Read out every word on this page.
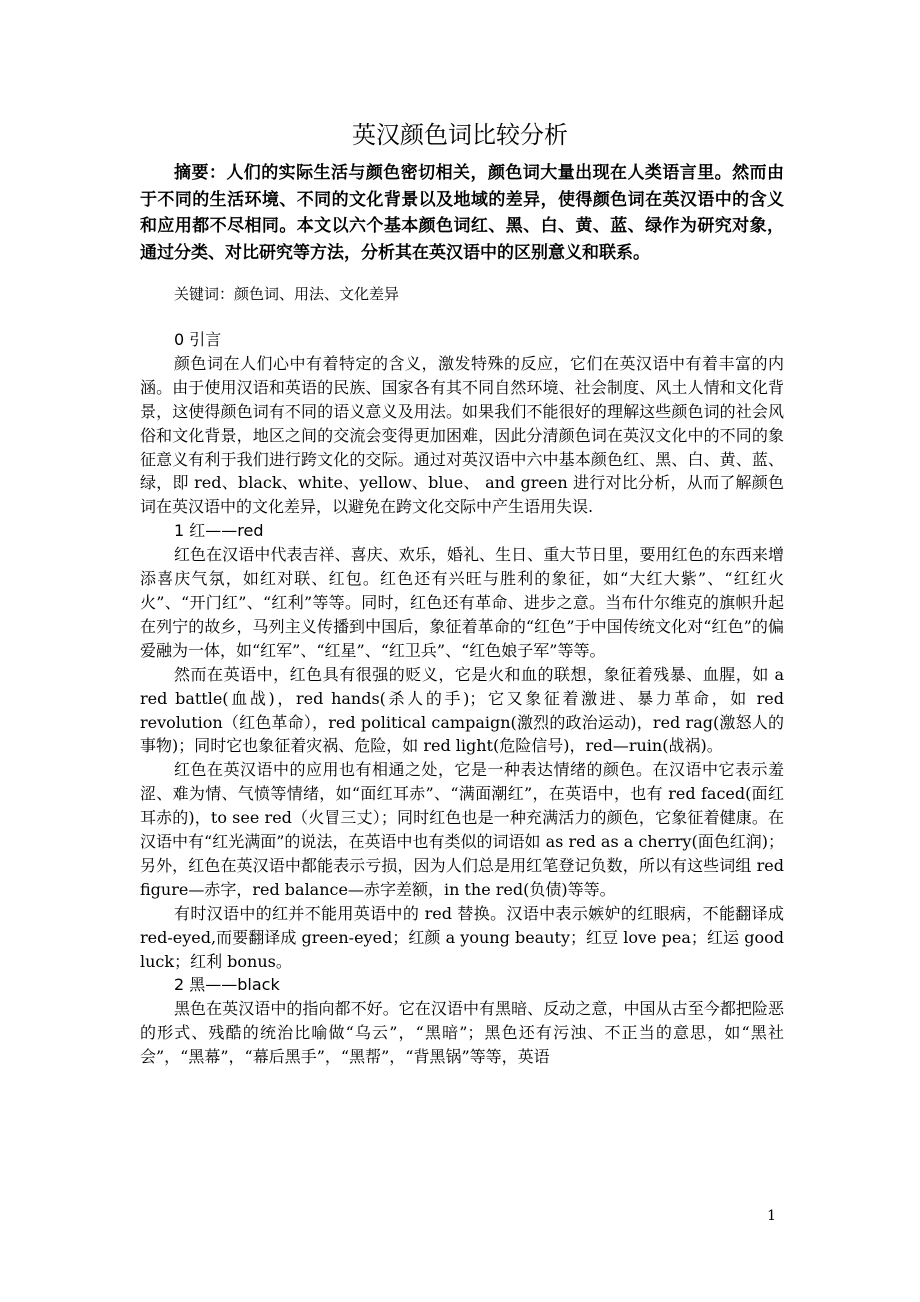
英汉颜色词比较分析

摘要：人们的实际生活与颜色密切相关，颜色词大量出现在人类语言里。然而由于不同的生活环境、不同的文化背景以及地域的差异，使得颜色词在英汉语中的含义和应用都不尽相同。本文以六个基本颜色词红、黑、白、黄、蓝、绿作为研究对象，通过分类、对比研究等方法，分析其在英汉语中的区别意义和联系。

关键词：颜色词、用法、文化差异

0 引言

颜色词在人们心中有着特定的含义，激发特殊的反应，它们在英汉语中有着丰富的内涵。由于使用汉语和英语的民族、国家各有其不同自然环境、社会制度、风土人情和文化背景，这使得颜色词有不同的语义意义及用法。如果我们不能很好的理解这些颜色词的社会风俗和文化背景，地区之间的交流会变得更加困难，因此分清颜色词在英汉文化中的不同的象征意义有利于我们进行跨文化的交际。通过对英汉语中六中基本颜色红、黑、白、黄、蓝、绿，即 red、black、white、yellow、blue、 and green 进行对比分析，从而了解颜色词在英汉语中的文化差异，以避免在跨文化交际中产生语用失误.

1 红——red

红色在汉语中代表吉祥、喜庆、欢乐，婚礼、生日、重大节日里，要用红色的东西来增添喜庆气氛，如红对联、红包。红色还有兴旺与胜利的象征，如“大红大紫”、“红红火火”、“开门红”、“红利”等等。同时，红色还有革命、进步之意。当布什尔维克的旗帜升起在列宁的故乡，马列主义传播到中国后，象征着革命的“红色”于中国传统文化对“红色”的偏爱融为一体，如“红军”、“红星”、“红卫兵”、“红色娘子军”等等。

然而在英语中，红色具有很强的贬义，它是火和血的联想，象征着残暴、血腥，如 a red battle(血战)，red hands(杀人的手)；它又象征着激进、暴力革命，如 red revolution（红色革命），red political campaign(激烈的政治运动)，red rag(激怒人的事物)；同时它也象征着灾祸、危险，如 red light(危险信号)，red—ruin(战祸)。

红色在英汉语中的应用也有相通之处，它是一种表达情绪的颜色。在汉语中它表示羞涩、难为情、气愤等情绪，如“面红耳赤”、“满面潮红”，在英语中，也有 red faced(面红耳赤的)，to see red（火冒三丈）；同时红色也是一种充满活力的颜色，它象征着健康。在汉语中有“红光满面”的说法，在英语中也有类似的词语如 as red as a cherry(面色红润)；另外，红色在英汉语中都能表示亏损，因为人们总是用红笔登记负数，所以有这些词组 red figure—赤字，red balance—赤字差额，in the red(负债)等等。

有时汉语中的红并不能用英语中的 red 替换。汉语中表示嫉妒的红眼病，不能翻译成 red-eyed,而要翻译成 green-eyed；红颜 a young beauty；红豆 love pea；红运 good luck；红利 bonus。

2 黑——black

黑色在英汉语中的指向都不好。它在汉语中有黑暗、反动之意，中国从古至今都把险恶的形式、残酷的统治比喻做“乌云”，“黑暗”；黑色还有污浊、不正当的意思，如“黑社会”，“黑幕”，“幕后黑手”，“黑帮”，“背黑锅”等等，英语

1
